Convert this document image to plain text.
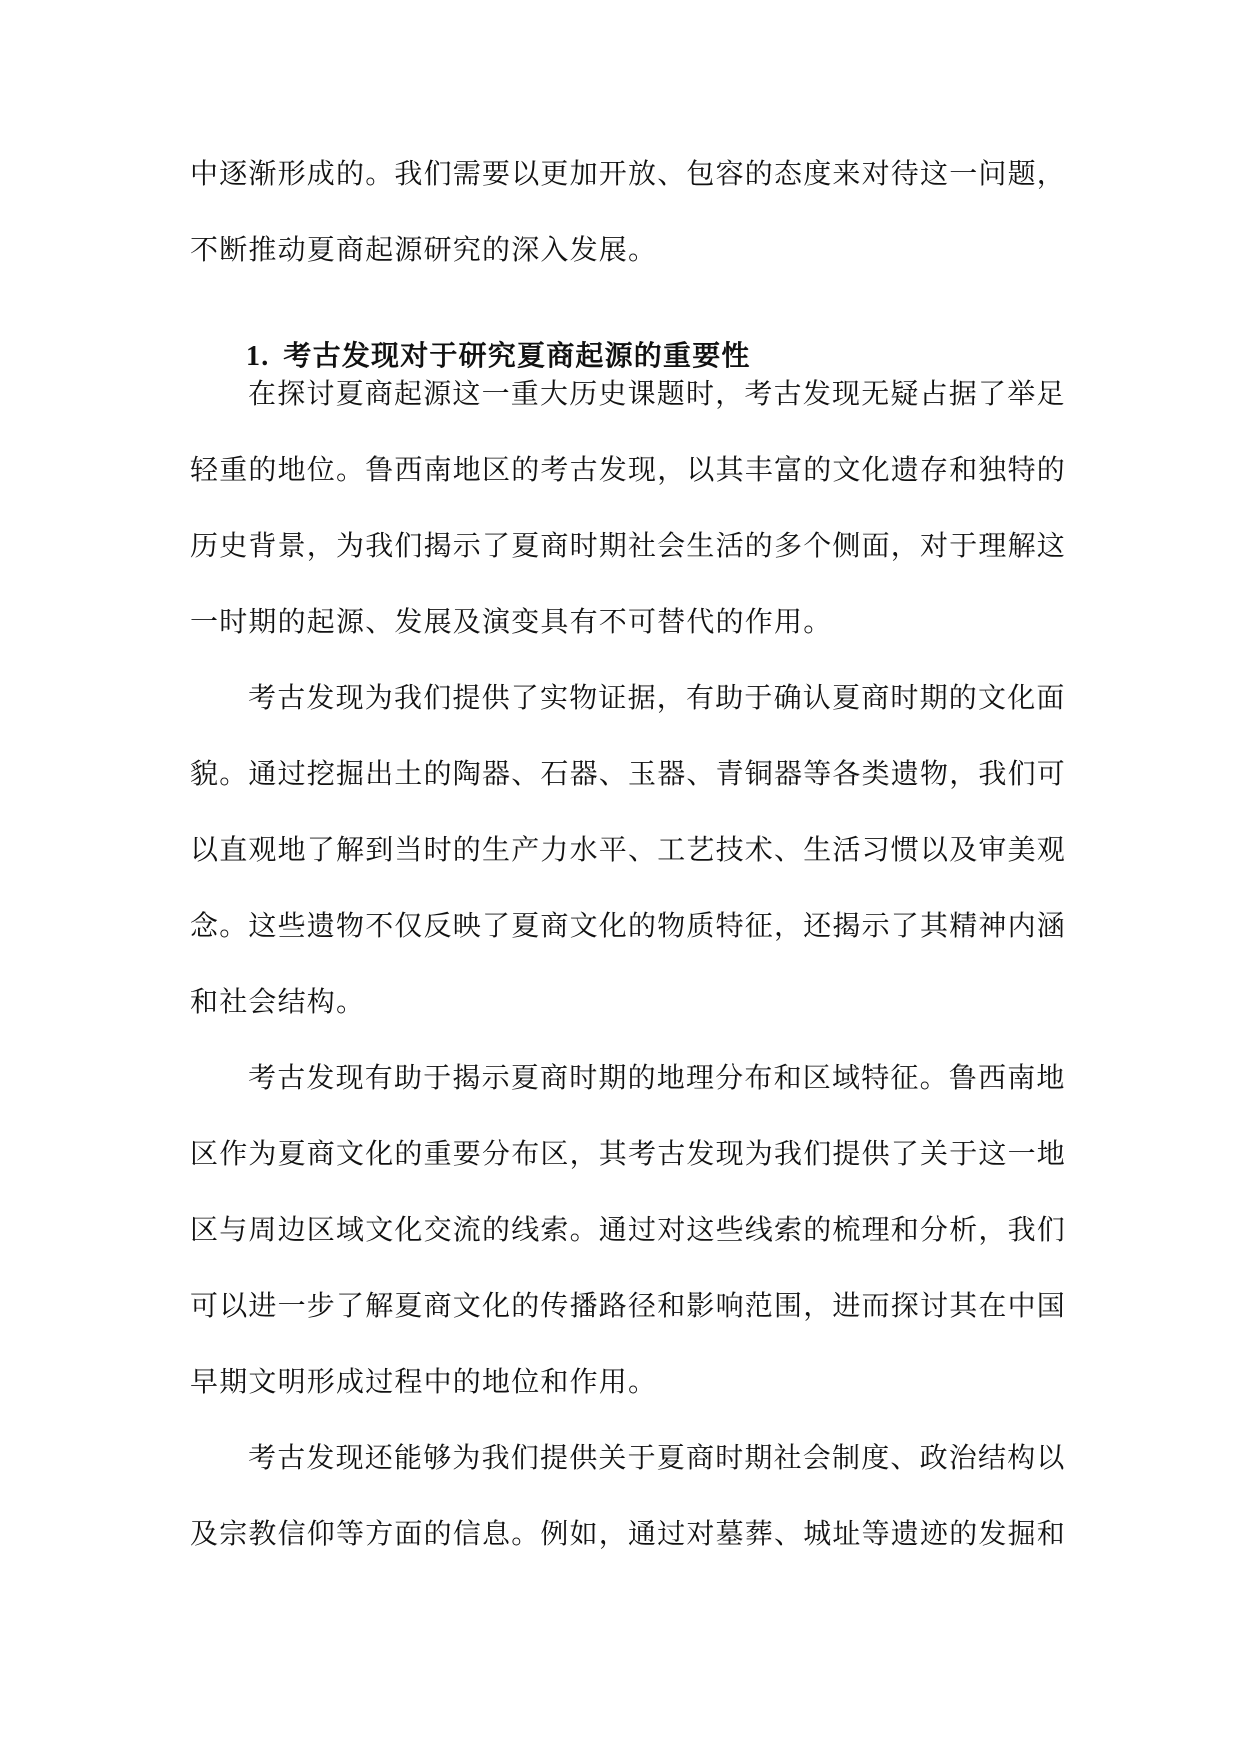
中逐渐形成的。我们需要以更加开放、包容的态度来对待这一问题，
不断推动夏商起源研究的深入发展。
1. 考古发现对于研究夏商起源的重要性
在探讨夏商起源这一重大历史课题时，考古发现无疑占据了举足
轻重的地位。鲁西南地区的考古发现，以其丰富的文化遗存和独特的
历史背景，为我们揭示了夏商时期社会生活的多个侧面，对于理解这
一时期的起源、发展及演变具有不可替代的作用。
考古发现为我们提供了实物证据，有助于确认夏商时期的文化面
貌。通过挖掘出土的陶器、石器、玉器、青铜器等各类遗物，我们可
以直观地了解到当时的生产力水平、工艺技术、生活习惯以及审美观
念。这些遗物不仅反映了夏商文化的物质特征，还揭示了其精神内涵
和社会结构。
考古发现有助于揭示夏商时期的地理分布和区域特征。鲁西南地
区作为夏商文化的重要分布区，其考古发现为我们提供了关于这一地
区与周边区域文化交流的线索。通过对这些线索的梳理和分析，我们
可以进一步了解夏商文化的传播路径和影响范围，进而探讨其在中国
早期文明形成过程中的地位和作用。
考古发现还能够为我们提供关于夏商时期社会制度、政治结构以
及宗教信仰等方面的信息。例如，通过对墓葬、城址等遗迹的发掘和
